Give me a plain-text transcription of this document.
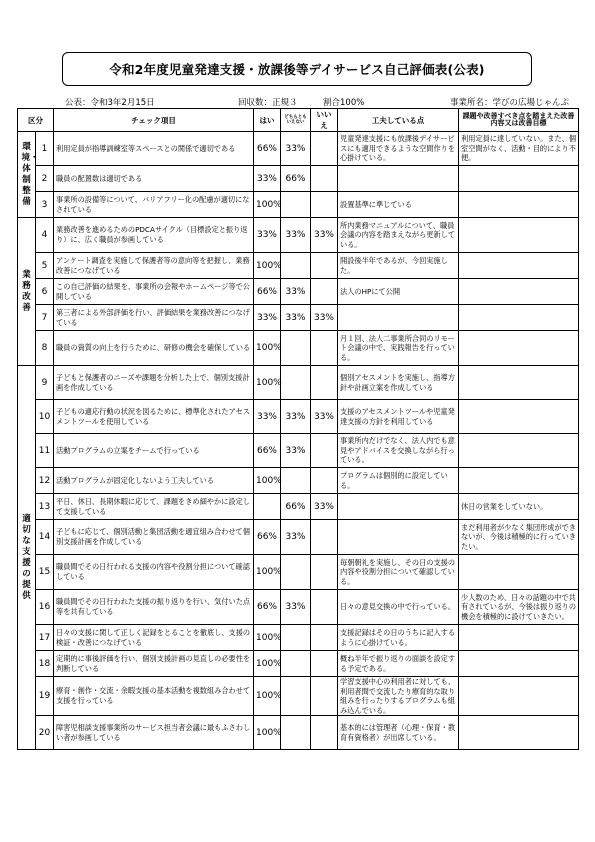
令和2年度児童発達支援・放課後等デイサービス自己評価表(公表)
公表：令和3年2月15日	回収数：正規３	割合100%	事業所名：学びの広場じゃんぷ
区分		チェック項目	はい	どちらともいえない	いいえ	工夫している点	課題や改善すべき点を踏まえた改善内容又は改善目標

環境・体制整備	1	利用定員が指導訓練室等スペースとの関係で適切である	66%	33%		児童発達支援にも放課後デイサービスにも適用できるような空間作りを心掛けている。	利用定員に達していない。また、個室空間がなく、活動・目的により不便。
	2	職員の配置数は適切である	33%	66%			
	3	事業所の設備等について、バリアフリー化の配慮が適切になされている	100%			設置基準に準じている	

業務改善	4	業務改善を進めるためのPDCAサイクル（目標設定と振り返り）に、広く職員が参画している	33%	33%	33%	所内業務マニュアルについて、職員会議の内容を踏まえながら更新している。	
	5	アンケート調査を実施して保護者等の意向等を把握し、業務改善につなげている	100%			開設後半年であるが、今回実施した。	
	6	この自己評価の結果を、事業所の会報やホームページ等で公開している	66%	33%		法人のHPにて公開	
	7	第三者による外部評価を行い、評価結果を業務改善につなげている	33%	33%	33%		
	8	職員の資質の向上を行うために、研修の機会を確保している	100%			月１回、法人二事業所合同のリモート会議の中で、実践報告を行っている。	

適切な支援の提供	9	子どもと保護者のニーズや課題を分析した上で、個別支援計画を作成している	100%			個別アセスメントを実施し、指導方針や計画立案を作成している	
	10	子どもの適応行動の状況を図るために、標準化されたアセスメントツールを使用している	33%	33%	33%	支援のアセスメントツールや児童発達支援の方針を利用している	
	11	活動プログラムの立案をチームで行っている	66%	33%		事業所内だけでなく、法人内でも意見やアドバイスを交換しながら行っている。	
	12	活動プログラムが固定化しないよう工夫している	100%			プログラムは個別的に設定している。	
	13	平日、休日、長期休暇に応じて、課題をきめ細やかに設定して支援している		66%	33%		休日の営業をしていない。
	14	子どもに応じて、個別活動と集団活動を適宜組み合わせて個別支援計画を作成している	66%	33%			まだ利用者が少なく集団形成ができないが、今後は積極的に行っていきたい。
	15	職員間でその日行われる支援の内容や役割分担について確認している	100%			毎朝朝礼を実施し、その日の支援の内容や役割分担について確認している。	
	16	職員間でその日行われた支援の振り返りを行い、気付いた点等を共有している	66%	33%		日々の意見交換の中で行っている。	少人数のため、日々の話題の中で共有されているが、今後は振り返りの機会を積極的に設けていきたい。
	17	日々の支援に関して正しく記録をとることを徹底し、支援の検証・改善につなげている	100%			支援記録はその日のうちに記入するように心掛けている。	
	18	定期的に事後評価を行い、個別支援計画の見直しの必要性を判断している	100%			概ね半年で振り返りの面談を設定する予定である。	
	19	療育・創作・交流・余暇支援の基本活動を複数組み合わせて支援を行っている	100%			学習支援中心の利用者に対しても、利用者間で交流したり療育的な取り組みを行ったりするプログラムも組み込んでいる。	
	20	障害児相談支援事業所のサービス担当者会議に最もふさわしい者が参画している	100%			基本的には管理者（心理・保育・教育有資格者）が出席している。	
